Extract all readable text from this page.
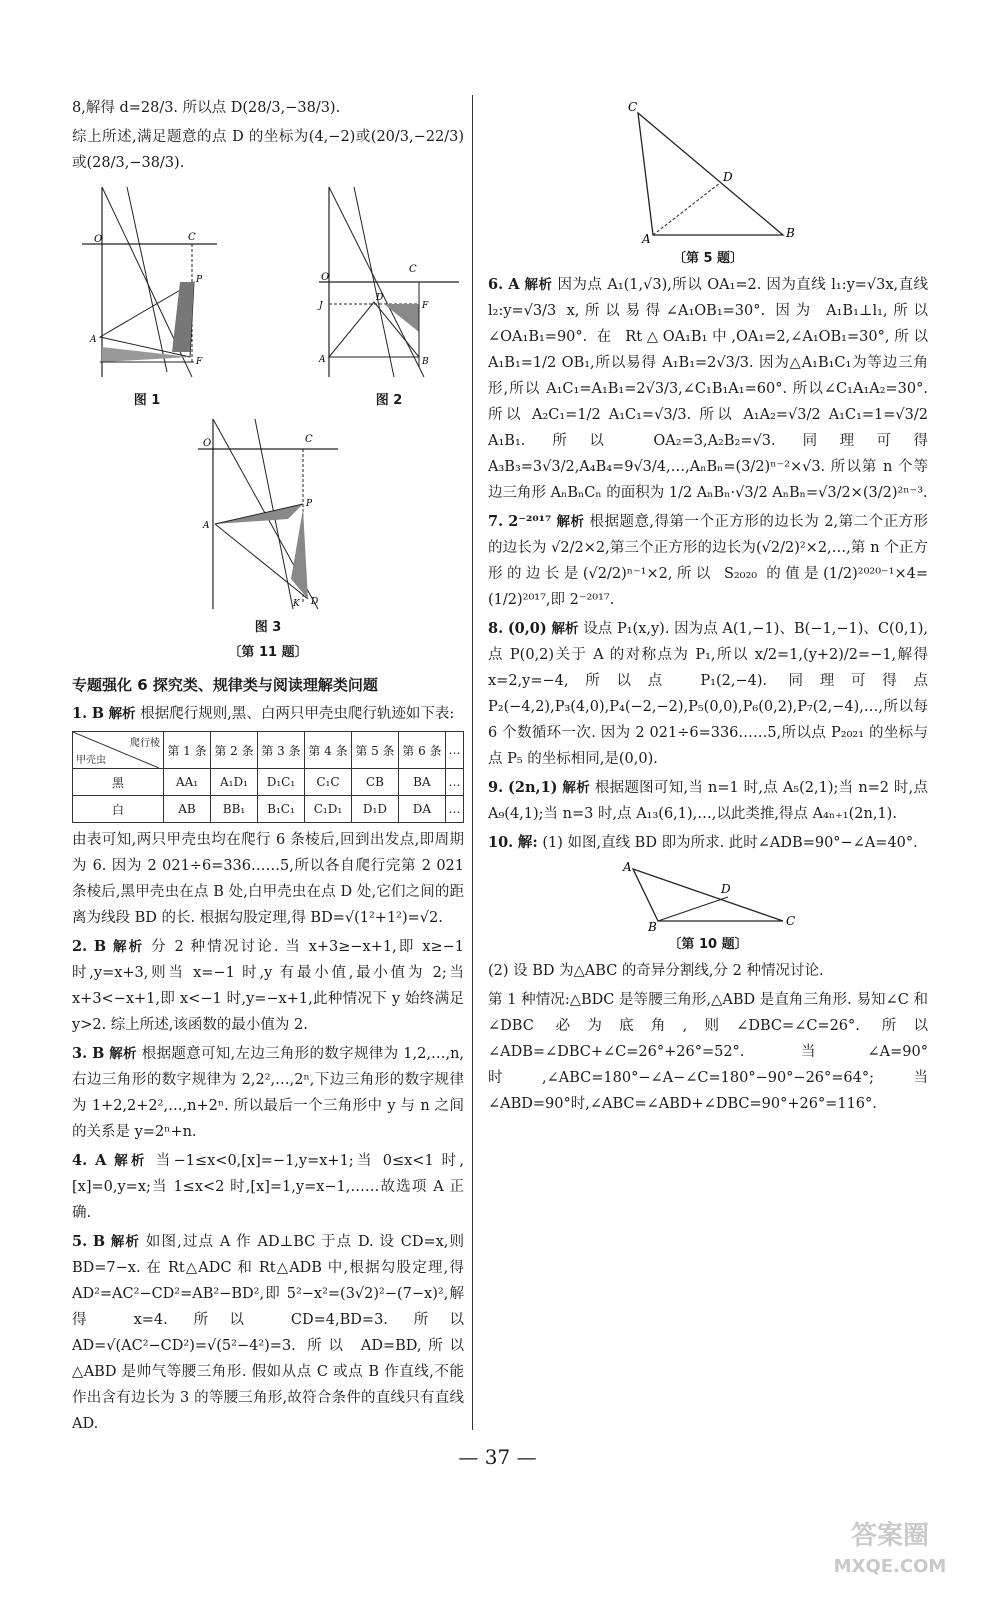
8,解得 d=28/3. 所以点 D(28/3,−38/3).

综上所述,满足题意的点 D 的坐标为(4,−2)或(20/3,−22/3)或(28/3,−38/3).

O	C
P
A
F
图 1
O
C
J
D
F
A	B
图 2
O	C
P
A
K D
图 3
〔第 11 题〕
专题强化 6 探究类、规律类与阅读理解类问题

1. B 解析 根据爬行规则,黑、白两只甲壳虫爬行轨迹如下表:

爬行棱
甲壳虫	第 1 条	第 2 条	第 3 条	第 4 条	第 5 条	第 6 条	…
黑	AA₁	A₁D₁	D₁C₁	C₁C	CB	BA	…
白	AB	BB₁	B₁C₁	C₁D₁	D₁D	DA	…

由表可知,两只甲壳虫均在爬行 6 条棱后,回到出发点,即周期为 6. 因为 2 021÷6=336……5,所以各自爬行完第 2 021 条棱后,黑甲壳虫在点 B 处,白甲壳虫在点 D 处,它们之间的距离为线段 BD 的长. 根据勾股定理,得 BD=√(1²+1²)=√2.

2. B 解析 分 2 种情况讨论. 当 x+3≥−x+1,即 x≥−1 时,y=x+3,则当 x=−1 时,y 有最小值,最小值为 2;当 x+3<−x+1,即 x<−1 时,y=−x+1,此种情况下 y 始终满足 y>2. 综上所述,该函数的最小值为 2.

3. B 解析 根据题意可知,左边三角形的数字规律为 1,2,…,n,右边三角形的数字规律为 2,2²,…,2ⁿ,下边三角形的数字规律为 1+2,2+2²,…,n+2ⁿ. 所以最后一个三角形中 y 与 n 之间的关系是 y=2ⁿ+n.

4. A 解析 当−1≤x<0,[x]=−1,y=x+1;当 0≤x<1 时,[x]=0,y=x;当 1≤x<2 时,[x]=1,y=x−1,……故选项 A 正确.

5. B 解析 如图,过点 A 作 AD⊥BC 于点 D. 设 CD=x,则 BD=7−x. 在 Rt△ADC 和 Rt△ADB 中,根据勾股定理,得 AD²=AC²−CD²=AB²−BD²,即 5²−x²=(3√2)²−(7−x)²,解得 x=4. 所以 CD=4,BD=3. 所以 AD=√(AC²−CD²)=√(5²−4²)=3. 所以 AD=BD,所以△ABD 是帅气等腰三角形. 假如从点 C 或点 B 作直线,不能作出含有边长为 3 的等腰三角形,故符合条件的直线只有直线 AD.

C
D
A	B
〔第 5 题〕

6. A 解析 因为点 A₁(1,√3),所以 OA₁=2. 因为直线 l₁:y=√3x,直线 l₂:y=√3/3 x,所以易得∠A₁OB₁=30°. 因为 A₁B₁⊥l₁,所以∠OA₁B₁=90°. 在 Rt△OA₁B₁中,OA₁=2,∠A₁OB₁=30°,所以 A₁B₁=1/2 OB₁,所以易得 A₁B₁=2√3/3. 因为△A₁B₁C₁为等边三角形,所以 A₁C₁=A₁B₁=2√3/3,∠C₁B₁A₁=60°. 所以∠C₁A₁A₂=30°. 所以 A₂C₁=1/2 A₁C₁=√3/3. 所以 A₁A₂=√3/2 A₁C₁=1=√3/2 A₁B₁. 所以 OA₂=3,A₂B₂=√3. 同理可得 A₃B₃=3√3/2,A₄B₄=9√3/4,…,AₙBₙ=(3/2)ⁿ⁻²×√3. 所以第 n 个等边三角形 AₙBₙCₙ 的面积为 1/2 AₙBₙ·√3/2 AₙBₙ=√3/2×(3/2)²ⁿ⁻³.

7. 2⁻²⁰¹⁷ 解析 根据题意,得第一个正方形的边长为 2,第二个正方形的边长为 √2/2×2,第三个正方形的边长为(√2/2)²×2,…,第 n 个正方形的边长是(√2/2)ⁿ⁻¹×2,所以 S₂₀₂₀ 的值是(1/2)²⁰²⁰⁻¹×4=(1/2)²⁰¹⁷,即 2⁻²⁰¹⁷.

8. (0,0) 解析 设点 P₁(x,y). 因为点 A(1,−1)、B(−1,−1)、C(0,1),点 P(0,2)关于 A 的对称点为 P₁,所以 x/2=1,(y+2)/2=−1,解得 x=2,y=−4,所以点 P₁(2,−4). 同理可得点 P₂(−4,2),P₃(4,0),P₄(−2,−2),P₅(0,0),P₆(0,2),P₇(2,−4),…,所以每 6 个数循环一次. 因为 2 021÷6=336……5,所以点 P₂₀₂₁ 的坐标与点 P₅ 的坐标相同,是(0,0).

9. (2n,1) 解析 根据题图可知,当 n=1 时,点 A₅(2,1);当 n=2 时,点 A₉(4,1);当 n=3 时,点 A₁₃(6,1),…,以此类推,得点 A₄ₙ₊₁(2n,1).

10. 解: (1) 如图,直线 BD 即为所求. 此时∠ADB=90°−∠A=40°.

A
D
B	C
〔第 10 题〕

(2) 设 BD 为△ABC 的奇异分割线,分 2 种情况讨论.

第 1 种情况:△BDC 是等腰三角形,△ABD 是直角三角形. 易知∠C 和∠DBC 必为底角,则∠DBC=∠C=26°. 所以∠ADB=∠DBC+∠C=26°+26°=52°. 当∠A=90°时,∠ABC=180°−∠A−∠C=180°−90°−26°=64°;当∠ABD=90°时,∠ABC=∠ABD+∠DBC=90°+26°=116°.

— 37 —
答案圈
MXQE.COM
